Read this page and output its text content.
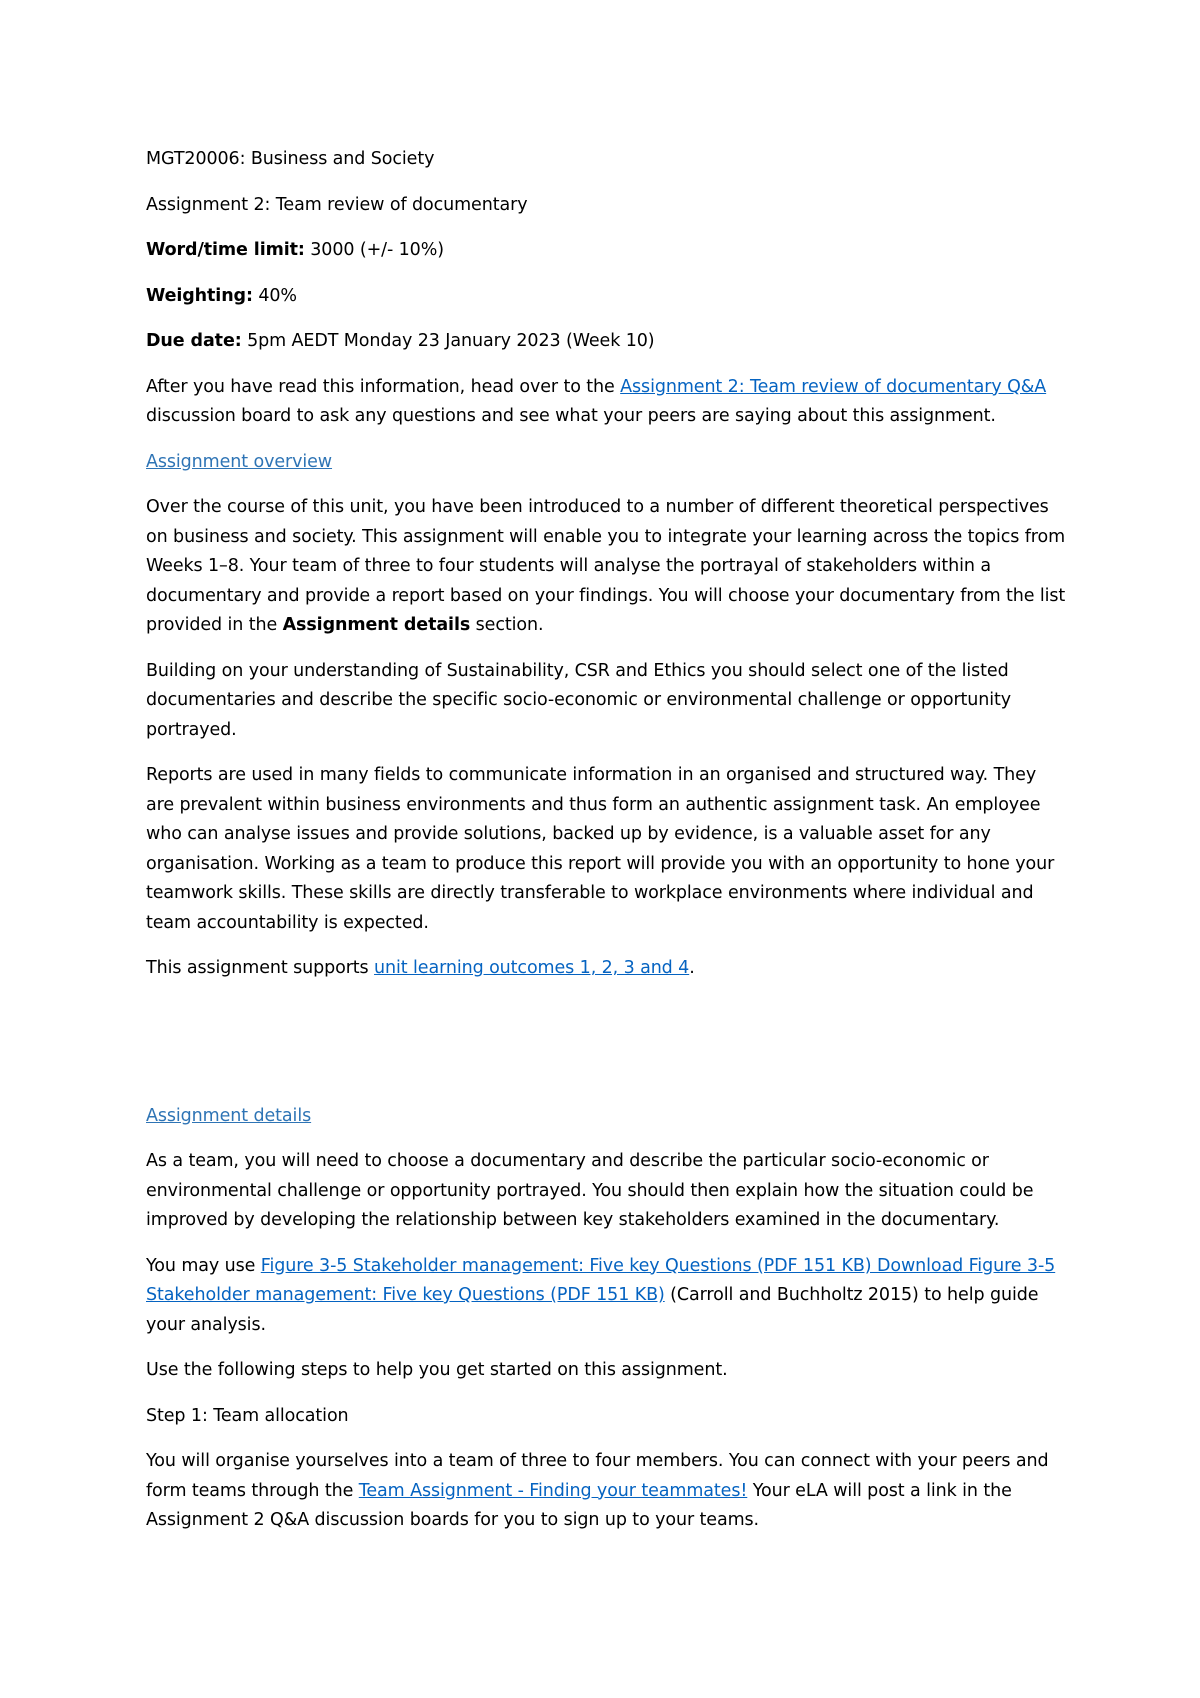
MGT20006: Business and Society

Assignment 2: Team review of documentary

Word/time limit: 3000 (+/- 10%)

Weighting: 40%

Due date: 5pm AEDT Monday 23 January 2023 (Week 10)

After you have read this information, head over to the Assignment 2: Team review of documentary Q&A discussion board to ask any questions and see what your peers are saying about this assignment.

Assignment overview

Over the course of this unit, you have been introduced to a number of different theoretical perspectives on business and society. This assignment will enable you to integrate your learning across the topics from Weeks 1–8. Your team of three to four students will analyse the portrayal of stakeholders within a documentary and provide a report based on your findings. You will choose your documentary from the list provided in the Assignment details section.

Building on your understanding of Sustainability, CSR and Ethics you should select one of the listed documentaries and describe the specific socio-economic or environmental challenge or opportunity portrayed.

Reports are used in many fields to communicate information in an organised and structured way. They are prevalent within business environments and thus form an authentic assignment task. An employee who can analyse issues and provide solutions, backed up by evidence, is a valuable asset for any organisation. Working as a team to produce this report will provide you with an opportunity to hone your teamwork skills. These skills are directly transferable to workplace environments where individual and team accountability is expected.

This assignment supports unit learning outcomes 1, 2, 3 and 4.

Assignment details

As a team, you will need to choose a documentary and describe the particular socio-economic or environmental challenge or opportunity portrayed. You should then explain how the situation could be improved by developing the relationship between key stakeholders examined in the documentary.

You may use Figure 3-5 Stakeholder management: Five key Questions (PDF 151 KB) Download Figure 3-5 Stakeholder management: Five key Questions (PDF 151 KB) (Carroll and Buchholtz 2015) to help guide your analysis.

Use the following steps to help you get started on this assignment.

Step 1: Team allocation

You will organise yourselves into a team of three to four members. You can connect with your peers and form teams through the Team Assignment - Finding your teammates! Your eLA will post a link in the Assignment 2 Q&A discussion boards for you to sign up to your teams.
